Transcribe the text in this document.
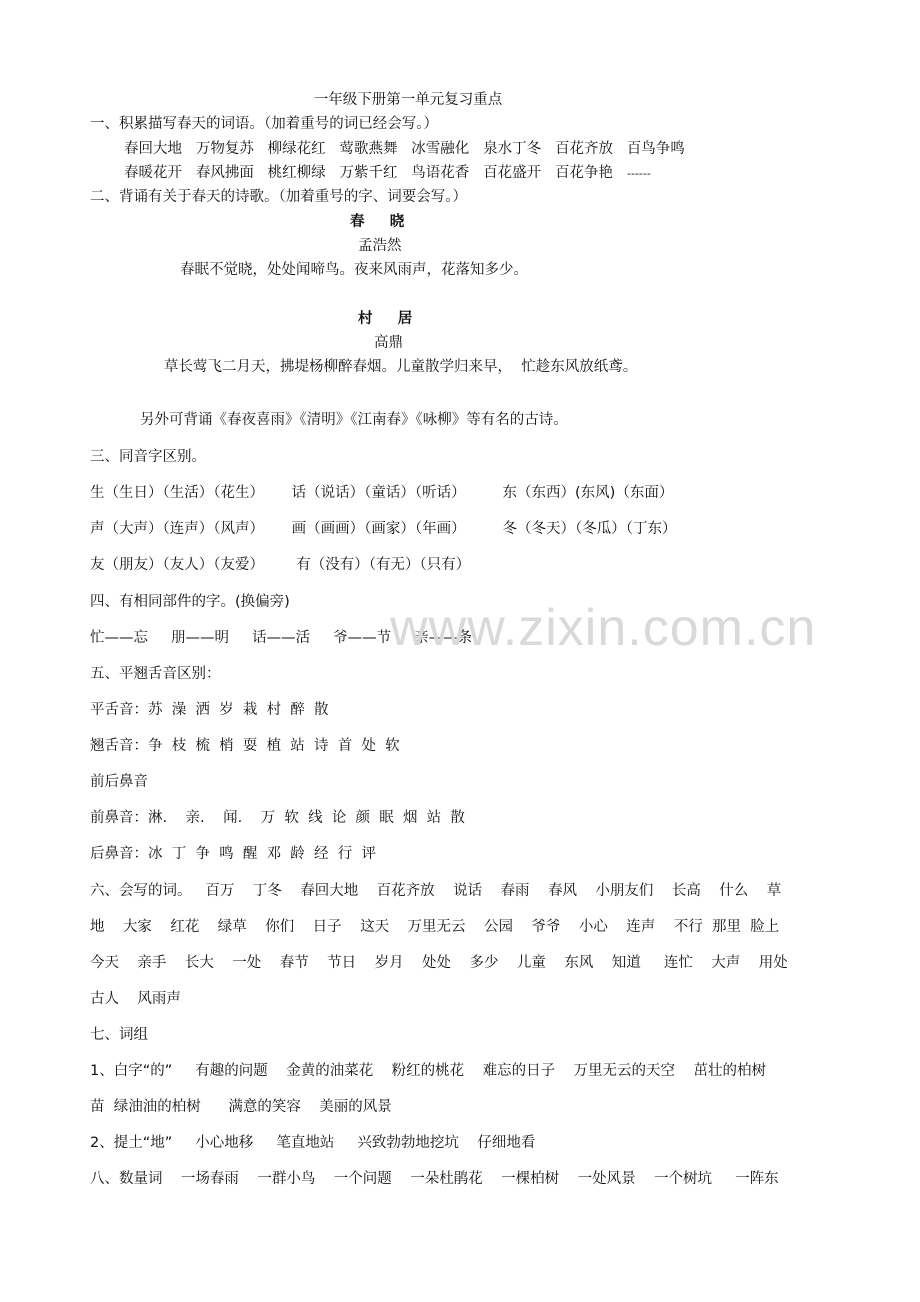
一年级下册第一单元复习重点
一、积累描写春天的词语。（加着重号的词已经会写。）
春回大地   万物复苏   柳绿花红   莺歌燕舞   冰雪融化   泉水丁冬   百花齐放   百鸟争鸣
春暖花开   春风拂面   桃红柳绿   万紫千红   鸟语花香   百花盛开   百花争艳 ------
二、背诵有关于春天的诗歌。（加着重号的字、词要会写。）
春    晓
孟浩然
春眠不觉晓，处处闻啼鸟。夜来风雨声，花落知多少。
村    居
高鼎
草长莺飞二月天，拂堤杨柳醉春烟。儿童散学归来早，  忙趁东风放纸鸢。
另外可背诵《春夜喜雨》《清明》《江南春》《咏柳》等有名的古诗。
三、同音字区别。
生（生日）（生活）（花生）      话（说话）（童话）（听话）        东（东西）(东风)（东面）
声（大声）（连声）（风声）      画（画画）（画家）（年画）        冬（冬天）（冬瓜）（丁东）
友（朋友）（友人）（友爱）       有（没有）（有无）（只有）
四、有相同部件的字。(换偏旁)
忙——忘     朋——明     话——活     爷——节     亲——条
五、平翘舌音区别：
平舌音：苏  澡  洒  岁  栽  村  醉  散
翘舌音：争  枝  梳  梢  耍  植  站  诗  首  处  软
前后鼻音
前鼻音：淋.    亲.    闻.    万  软  线  论  颜  眠  烟  站  散
后鼻音：冰  丁  争  鸣  醒  邓  龄  经  行  评
六、会写的词。   百万    丁冬    春回大地    百花齐放    说话    春雨    春风    小朋友们    长高    什么    草
地    大家    红花    绿草    你们    日子    这天    万里无云    公园    爷爷    小心    连声    不行  那里  脸上
今天    亲手    长大    一处    春节    节日    岁月    处处    多少    儿童    东风    知道     连忙    大声    用处
古人    风雨声
七、词组
1、白字“的”     有趣的问题    金黄的油菜花    粉红的桃花    难忘的日子    万里无云的天空    茁壮的柏树
苗  绿油油的柏树      满意的笑容    美丽的风景
2、提土“地”     小心地移     笔直地站     兴致勃勃地挖坑    仔细地看
八、数量词    一场春雨    一群小鸟    一个问题    一朵杜鹃花    一棵柏树    一处风景    一个树坑     一阵东
www.zixin.com.cn
